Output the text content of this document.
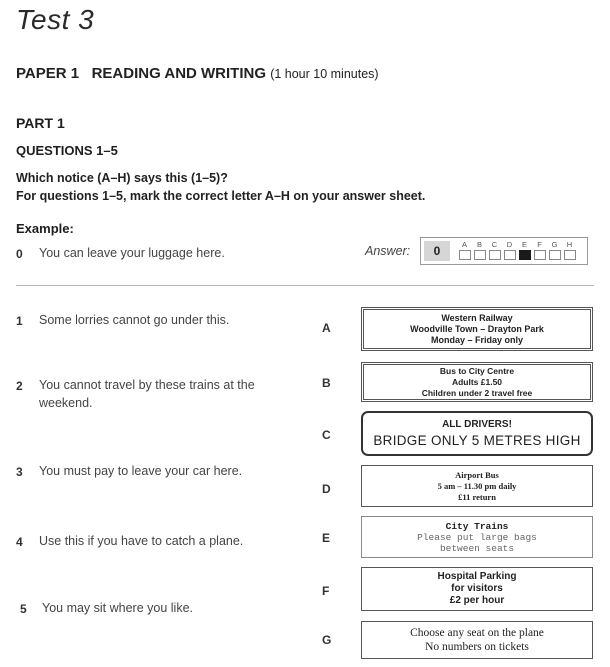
Test 3
PAPER 1   READING AND WRITING (1 hour 10 minutes)
PART 1
QUESTIONS 1–5
Which notice (A–H) says this (1–5)?
For questions 1–5, mark the correct letter A–H on your answer sheet.
Example:
0 You can leave your luggage here.	Answer:	0	A B C D E F G H
1 Some lorries cannot go under this.
2 You cannot travel by these trains at the
weekend.
3 You must pay to leave your car here.
4 Use this if you have to catch a plane.
5 You may sit where you like.
A
Western Railway
Woodville Town – Drayton Park
Monday – Friday only
B
Bus to City Centre
Adults £1.50
Children under 2 travel free
C
ALL DRIVERS!
BRIDGE ONLY 5 METRES HIGH
D
Airport Bus
5 am – 11.30 pm daily
£11 return
E
City Trains
Please put large bags
between seats
F
Hospital Parking
for visitors
£2 per hour
G	Choose any seat on the plane
No numbers on tickets
